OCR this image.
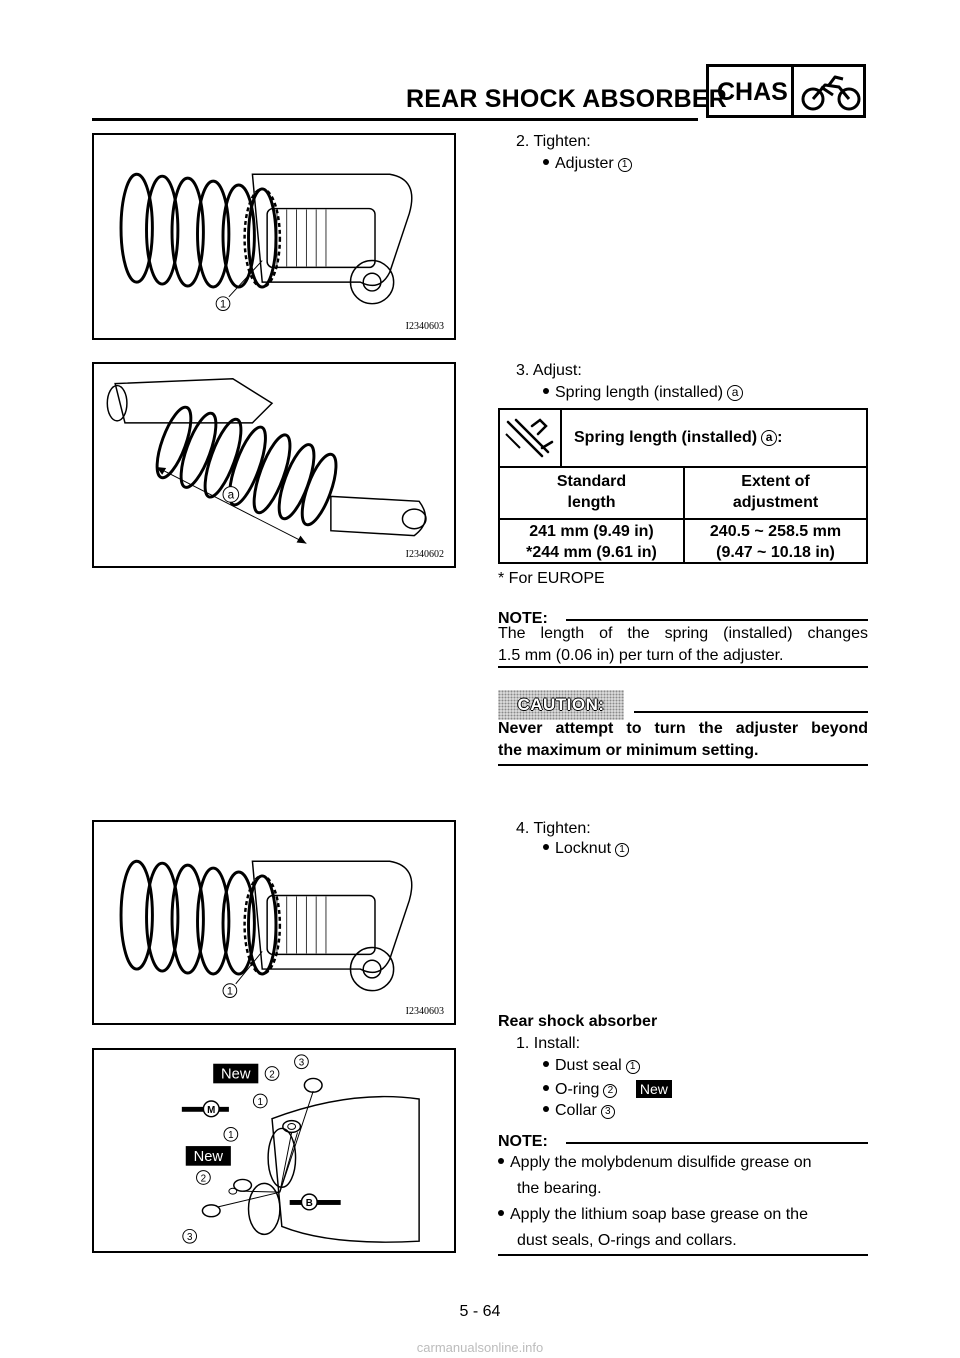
REAR SHOCK ABSORBER
CHAS
1
I2340603
a
I2340602
1
I2340603
M
B
New
New
2
3
1
1
2
3
2. Tighten:
Adjuster 1
3. Adjust:
Spring length (installed) a
Spring length (installed) a :
Standard
length
Extent of
adjustment
241 mm (9.49 in)
*244 mm (9.61 in)
240.5 ~ 258.5 mm
(9.47 ~ 10.18 in)
* For EUROPE
NOTE:
The length of the spring (installed) changes
1.5 mm (0.06 in) per turn of the adjuster.
CAUTION:
Never attempt to turn the adjuster beyond
the maximum or minimum setting.
4. Tighten:
Locknut 1
Rear shock absorber
1. Install:
Dust seal 1
O-ring 2 New
Collar 3
NOTE:
Apply the molybdenum disulfide grease on
the bearing.
Apply the lithium soap base grease on the
dust seals, O-rings and collars.
5 - 64
carmanualsonline.info
